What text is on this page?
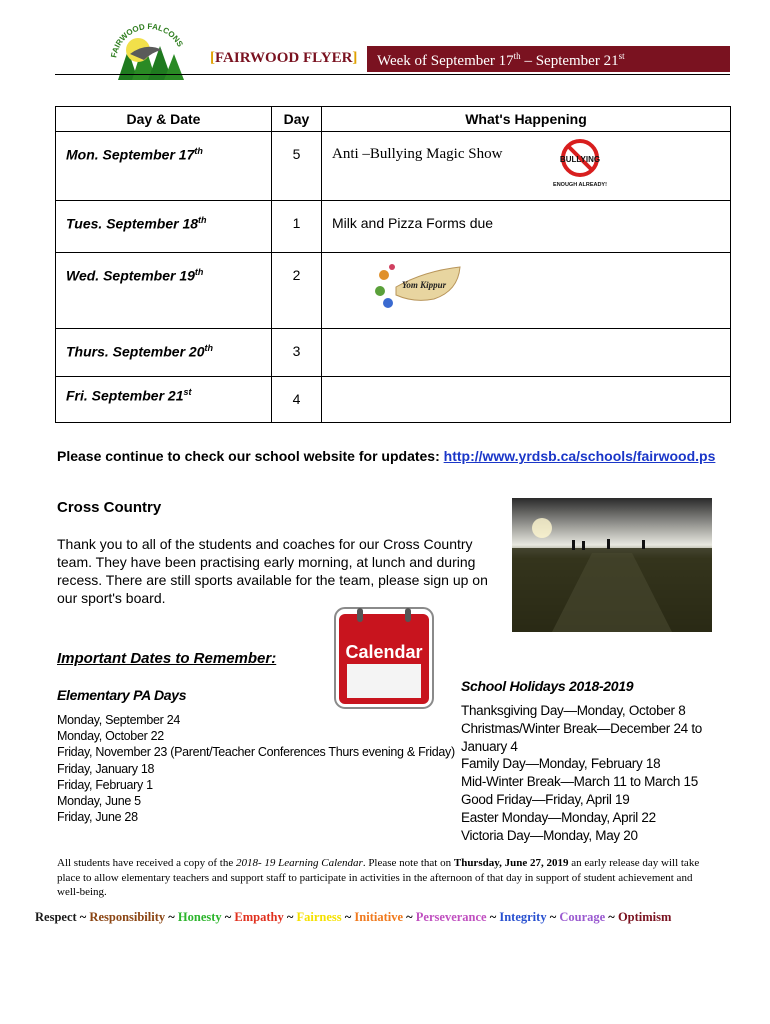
FAIRWOOD FALCONS
[FAIRWOOD FLYER] Week of September 17th – September 21st
Day & Date	Day	What's Happening

Mon. September 17th	5	Anti –Bullying Magic Show BULLYING
ENOUGH ALREADY!

Tues. September 18th	1	Milk and Pizza Forms due

Wed. September 19th	2	Yom Kippur

Thurs. September 20th	3	

Fri. September 21st	4	

Please continue to check our school website for updates: http://www.yrdsb.ca/schools/fairwood.ps
Cross Country
Thank you to all of the students and coaches for our Cross Country team. They have been practising early morning, at lunch and during recess. There are still sports available for the team, please sign up on our sport's board.
Calendar
Important Dates to Remember:
Elementary PA Days
Monday, September 24
Monday, October 22
Friday, November 23 (Parent/Teacher Conferences Thurs evening & Friday)
Friday, January 18
Friday, February 1
Monday, June 5
Friday, June 28
School Holidays 2018-2019
Thanksgiving Day—Monday, October 8
Christmas/Winter Break—December 24 to
January 4
Family Day—Monday, February 18
Mid-Winter Break—March 11 to March 15
Good Friday—Friday, April 19
Easter Monday—Monday, April 22
Victoria Day—Monday, May 20
All students have received a copy of the 2018- 19 Learning Calendar. Please note that on Thursday, June 27, 2019 an early release day will take place to allow elementary teachers and support staff to participate in activities in the afternoon of that day in support of student achievement and well-being.
Respect ~ Responsibility ~ Honesty ~ Empathy ~ Fairness ~ Initiative ~ Perseverance ~ Integrity ~ Courage ~ Optimism
